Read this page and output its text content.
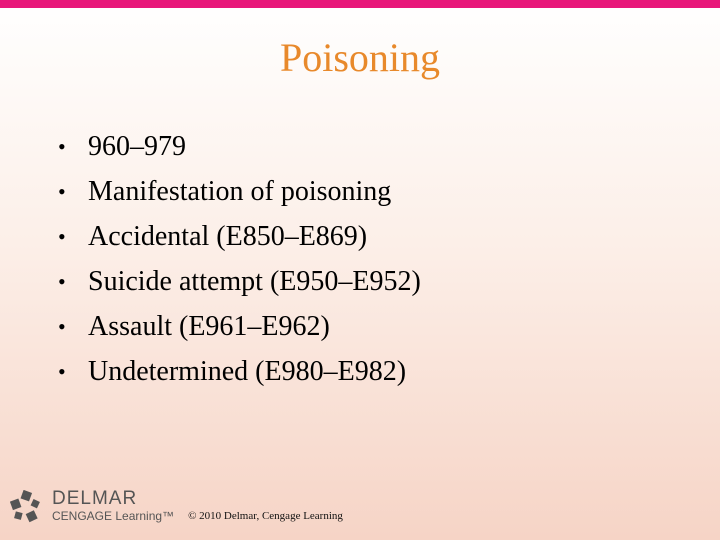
Poisoning
• 960–979
• Manifestation of poisoning
• Accidental (E850–E869)
• Suicide attempt (E950–E952)
• Assault (E961–E962)
• Undetermined (E980–E982)
DELMAR
CENGAGE Learning™ © 2010 Delmar, Cengage Learning
